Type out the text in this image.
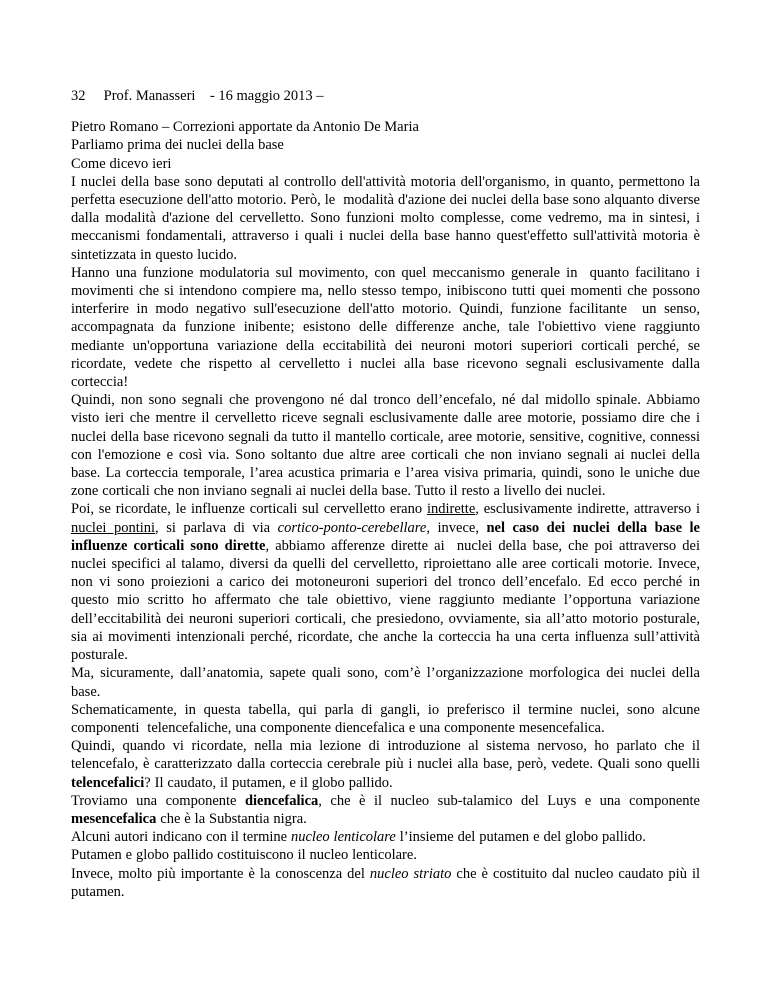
32     Prof. Manasseri    - 16 maggio 2013 –
Pietro Romano – Correzioni apportate da Antonio De Maria

Parliamo prima dei nuclei della base

Come dicevo ieri

I nuclei della base sono deputati al controllo dell'attività motoria dell'organismo, in quanto, permettono la perfetta esecuzione dell'atto motorio. Però, le  modalità d'azione dei nuclei della base sono alquanto diverse dalla modalità d'azione del cervelletto. Sono funzioni molto complesse, come vedremo, ma in sintesi, i meccanismi fondamentali, attraverso i quali i nuclei della base hanno quest'effetto sull'attività motoria è sintetizzata in questo lucido.

Hanno una funzione modulatoria sul movimento, con quel meccanismo generale in  quanto facilitano i movimenti che si intendono compiere ma, nello stesso tempo, inibiscono tutti quei momenti che possono interferire in modo negativo sull'esecuzione dell'atto motorio. Quindi, funzione facilitante  un senso, accompagnata da funzione inibente; esistono delle differenze anche, tale l'obiettivo viene raggiunto mediante un'opportuna variazione della eccitabilità dei neuroni motori superiori corticali perché, se ricordate, vedete che rispetto al cervelletto i nuclei alla base ricevono segnali esclusivamente dalla corteccia!

Quindi, non sono segnali che provengono né dal tronco dell’encefalo, né dal midollo spinale. Abbiamo visto ieri che mentre il cervelletto riceve segnali esclusivamente dalle aree motorie, possiamo dire che i nuclei della base ricevono segnali da tutto il mantello corticale, aree motorie, sensitive, cognitive, connessi con l'emozione e così via. Sono soltanto due altre aree corticali che non inviano segnali ai nuclei della base. La corteccia temporale, l’area acustica primaria e l’area visiva primaria, quindi, sono le uniche due zone corticali che non inviano segnali ai nuclei della base. Tutto il resto a livello dei nuclei.

Poi, se ricordate, le influenze corticali sul cervelletto erano indirette, esclusivamente indirette, attraverso i nuclei pontini, si parlava di via cortico-ponto-cerebellare, invece, nel caso dei nuclei della base le influenze corticali sono dirette, abbiamo afferenze dirette ai  nuclei della base, che poi attraverso dei nuclei specifici al talamo, diversi da quelli del cervelletto, riproiettano alle aree corticali motorie. Invece, non vi sono proiezioni a carico dei motoneuroni superiori del tronco dell’encefalo. Ed ecco perché in questo mio scritto ho affermato che tale obiettivo, viene raggiunto mediante l’opportuna variazione dell’eccitabilità dei neuroni superiori corticali, che presiedono, ovviamente, sia all’atto motorio posturale, sia ai movimenti intenzionali perché, ricordate, che anche la corteccia ha una certa influenza sull’attività posturale.

Ma, sicuramente, dall’anatomia, sapete quali sono, com’è l’organizzazione morfologica dei nuclei della base.

Schematicamente, in questa tabella, qui parla di gangli, io preferisco il termine nuclei, sono alcune componenti  telencefaliche, una componente diencefalica e una componente mesencefalica.

Quindi, quando vi ricordate, nella mia lezione di introduzione al sistema nervoso, ho parlato che il telencefalo, è caratterizzato dalla corteccia cerebrale più i nuclei alla base, però, vedete. Quali sono quelli  telencefalici? Il caudato, il putamen, e il globo pallido.

Troviamo una componente diencefalica, che è il nucleo sub-talamico del Luys e una componente mesencefalica che è la Substantia nigra.

Alcuni autori indicano con il termine nucleo lenticolare l’insieme del putamen e del globo pallido.

Putamen e globo pallido costituiscono il nucleo lenticolare.

Invece, molto più importante è la conoscenza del nucleo striato che è costituito dal nucleo caudato più il putamen.
